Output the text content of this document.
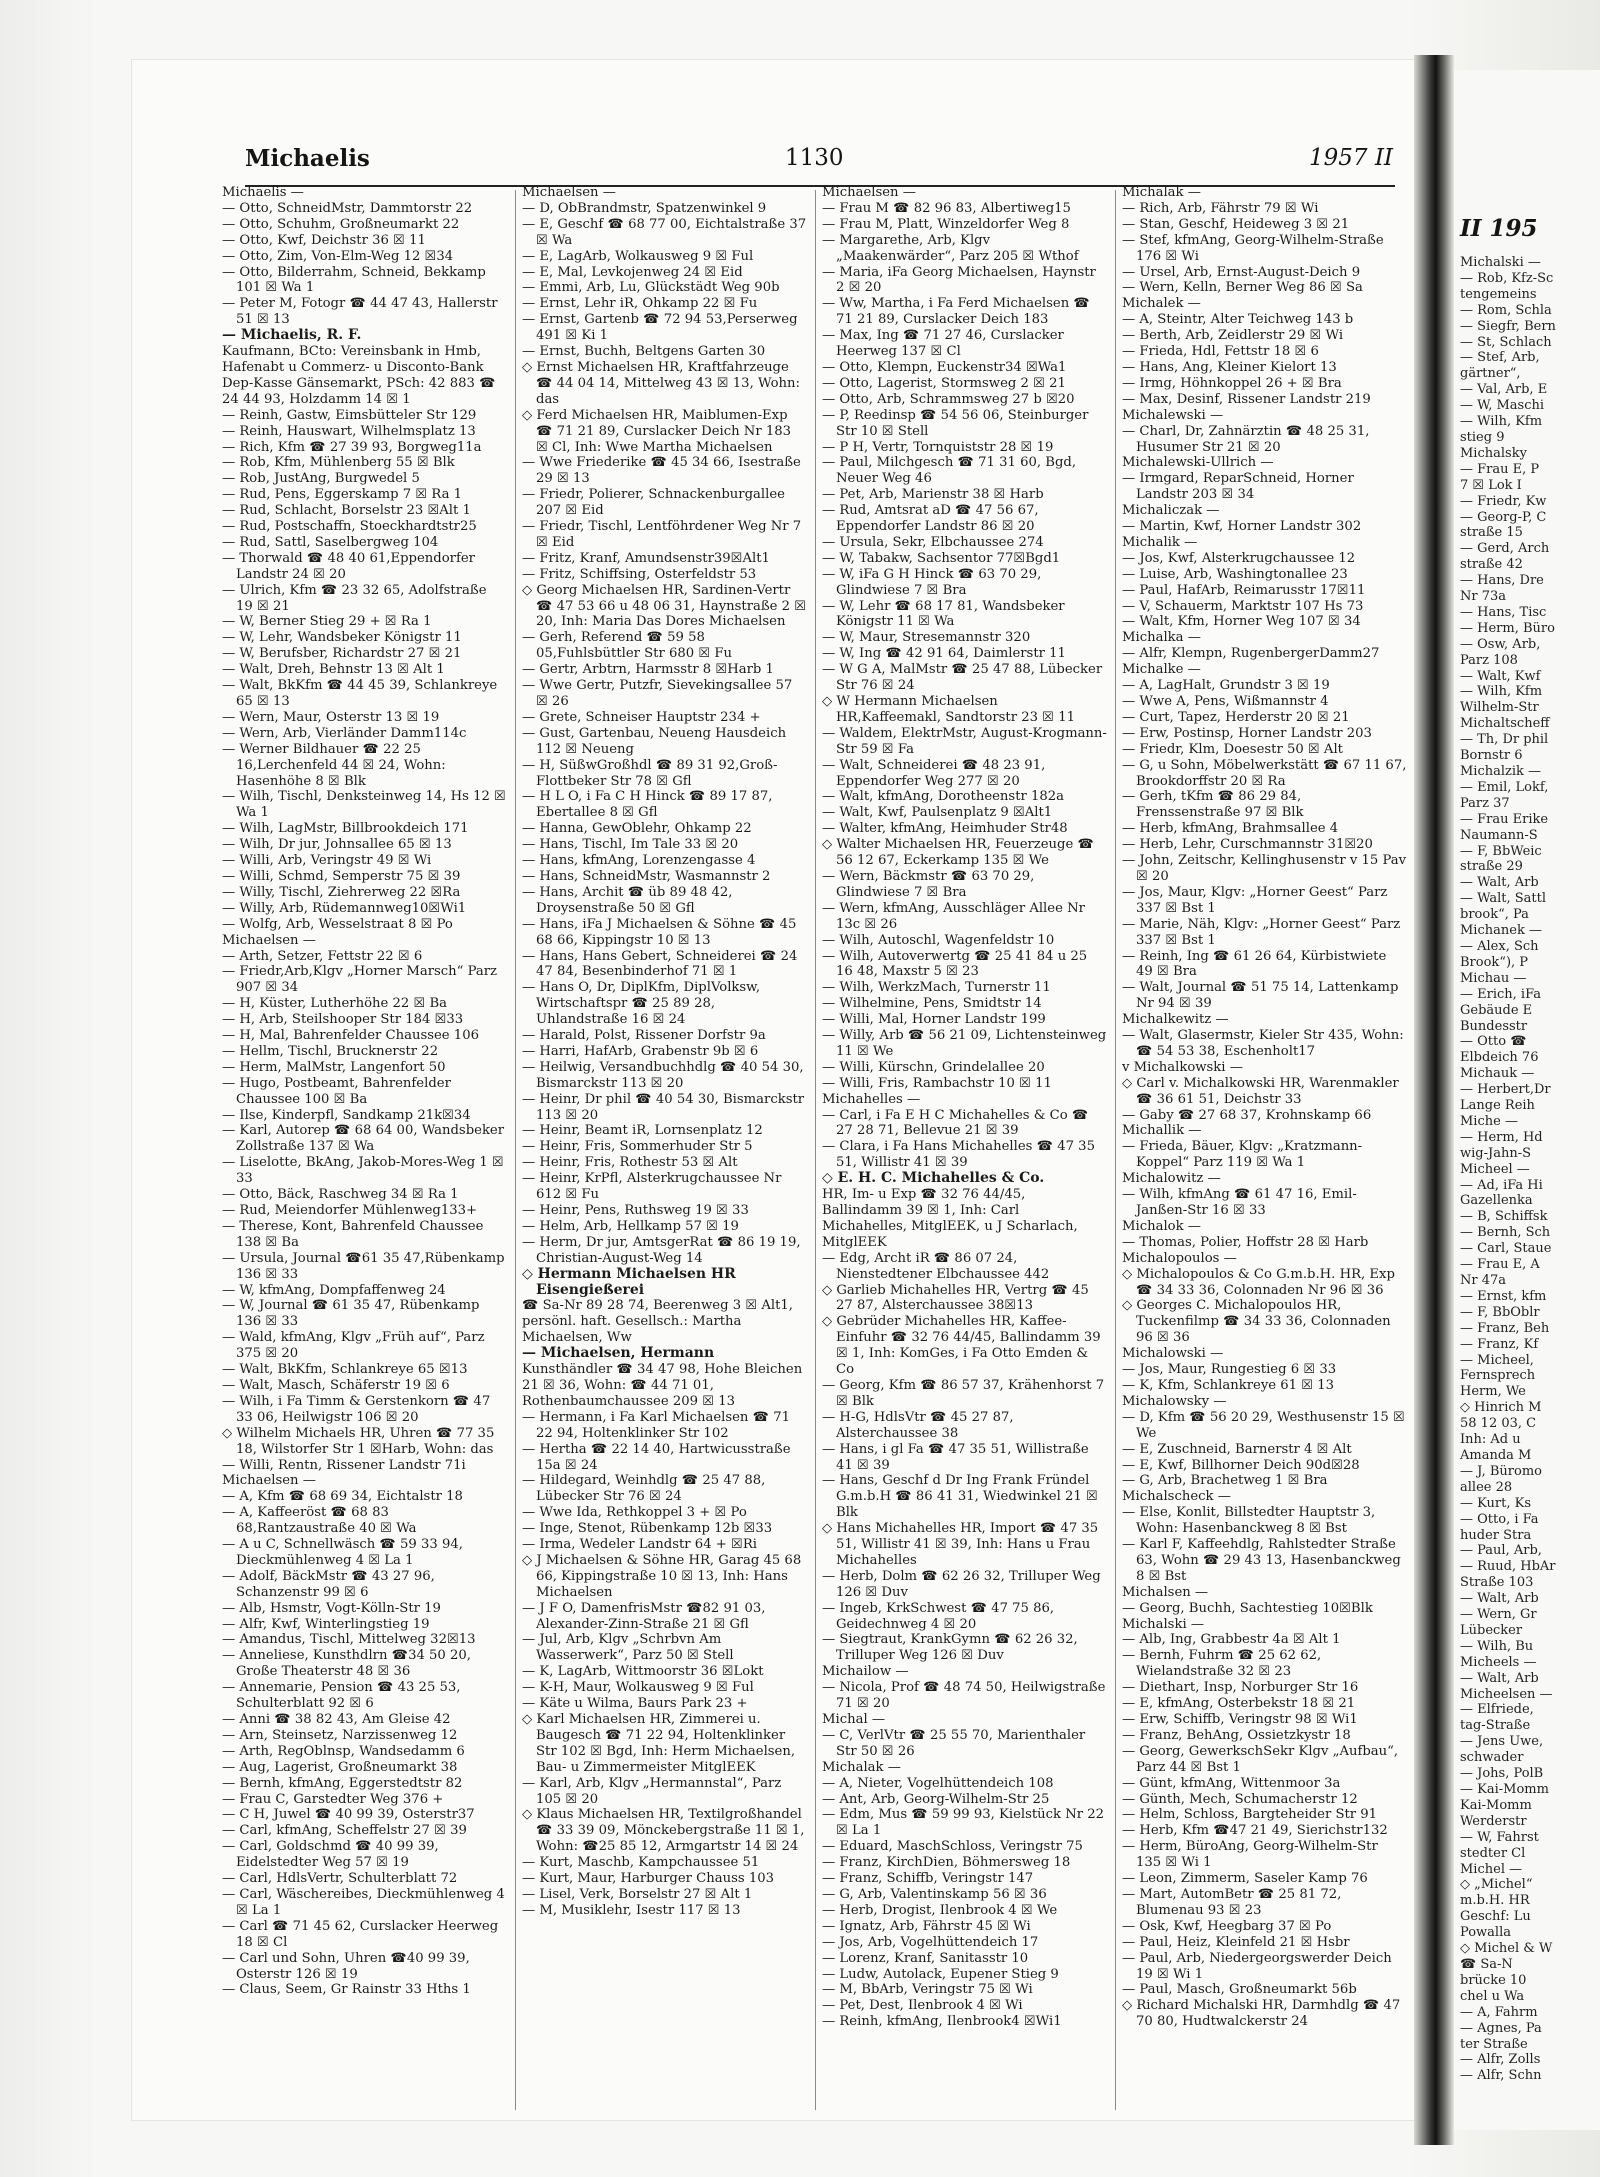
II 195
Michalski —
— Rob, Kfz-Sc
tengemeins
— Rom, Schla
— Siegfr, Bern
— St, Schlach
— Stef, Arb,
gärtner“,
— Val, Arb, E
— W, Maschi
— Wilh, Kfm
stieg 9
Michalsky
— Frau E, P
7 ☒ Lok I
— Friedr, Kw
— Georg-P, C
straße 15
— Gerd, Arch
straße 42
— Hans, Dre
Nr 73a
— Hans, Tisc
— Herm, Büro
— Osw, Arb,
Parz 108
— Walt, Kwf
— Wilh, Kfm
Wilhelm-Str
Michaltscheff
— Th, Dr phil
Bornstr 6
Michalzik —
— Emil, Lokf,
Parz 37
— Frau Erike
Naumann-S
— F, BbWeic
straße 29
— Walt, Arb
— Walt, Sattl
brook“, Pa
Michanek —
— Alex, Sch
Brook“), P
Michau —
— Erich, iFa
Gebäude E
Bundesstr
— Otto ☎
Elbdeich 76
Michauk —
— Herbert,Dr
Lange Reih
Miche —
— Herm, Hd
wig-Jahn-S
Micheel —
— Ad, iFa Hi
Gazellenka
— B, Schiffsk
— Bernh, Sch
— Carl, Staue
— Frau E, A
Nr 47a
— Ernst, kfm
— F, BbOblr
— Franz, Beh
— Franz, Kf
— Micheel,
Fernsprech
Herm, We
◇ Hinrich M
58 12 03, C
Inh: Ad u
Amanda M
— J, Büromo
allee 28
— Kurt, Ks
— Otto, i Fa
huder Stra
— Paul, Arb,
— Ruud, HbAr
Straße 103
— Walt, Arb
— Wern, Gr
Lübecker
— Wilh, Bu
Micheels —
— Walt, Arb
Micheelsen —
— Elfriede,
tag-Straße
— Jens Uwe,
schwader
— Johs, PolB
— Kai-Momm
Kai-Momm
Werderstr
— W, Fahrst
stedter Cl
Michel —
◇ „Michel“
m.b.H. HR
Geschf: Lu
Powalla
◇ Michel & W
☎ Sa-N
brücke 10
chel u Wa
— A, Fahrm
— Agnes, Pa
ter Straße
— Alfr, Zolls
— Alfr, Schn
Michaelis	1130	1957 II

Michaelis —

— Otto, SchneidMstr, Dammtorstr 22

— Otto, Schuhm, Großneumarkt 22

— Otto, Kwf, Deichstr 36 ☒ 11

— Otto, Zim, Von-Elm-Weg 12 ☒34

— Otto, Bilderrahm, Schneid, Bekkamp 101 ☒ Wa 1

— Peter M, Fotogr ☎ 44 47 43, Hallerstr 51 ☒ 13

— Michaelis, R. F.

Kaufmann, BCto: Vereinsbank in Hmb, Hafenabt u Commerz- u Disconto-Bank Dep-Kasse Gänsemarkt, PSch: 42 883 ☎ 24 44 93, Holzdamm 14 ☒ 1

— Reinh, Gastw, Eimsbütteler Str 129

— Reinh, Hauswart, Wilhelmsplatz 13

— Rich, Kfm ☎ 27 39 93, Borgweg11a

— Rob, Kfm, Mühlenberg 55 ☒ Blk

— Rob, JustAng, Burgwedel 5

— Rud, Pens, Eggerskamp 7 ☒ Ra 1

— Rud, Schlacht, Borselstr 23 ☒Alt 1

— Rud, Postschaffn, Stoeckhardtstr25

— Rud, Sattl, Saselbergweg 104

— Thorwald ☎ 48 40 61,Eppendorfer Landstr 24 ☒ 20

— Ulrich, Kfm ☎ 23 32 65, Adolfstraße 19 ☒ 21

— W, Berner Stieg 29 + ☒ Ra 1

— W, Lehr, Wandsbeker Königstr 11

— W, Berufsber, Richardstr 27 ☒ 21

— Walt, Dreh, Behnstr 13 ☒ Alt 1

— Walt, BkKfm ☎ 44 45 39, Schlankreye 65 ☒ 13

— Wern, Maur, Osterstr 13 ☒ 19

— Wern, Arb, Vierländer Damm114c

— Werner Bildhauer ☎ 22 25 16,Lerchenfeld 44 ☒ 24, Wohn: Hasenhöhe 8 ☒ Blk

— Wilh, Tischl, Denksteinweg 14, Hs 12 ☒ Wa 1

— Wilh, LagMstr, Billbrookdeich 171

— Wilh, Dr jur, Johnsallee 65 ☒ 13

— Willi, Arb, Veringstr 49 ☒ Wi

— Willi, Schmd, Semperstr 75 ☒ 39

— Willy, Tischl, Ziehrerweg 22 ☒Ra

— Willy, Arb, Rüdemannweg10☒Wi1

— Wolfg, Arb, Wesselstraat 8 ☒ Po

Michaelsen —

— Arth, Setzer, Fettstr 22 ☒ 6

— Friedr,Arb,Klgv „Horner Marsch“ Parz 907 ☒ 34

— H, Küster, Lutherhöhe 22 ☒ Ba

— H, Arb, Steilshooper Str 184 ☒33

— H, Mal, Bahrenfelder Chaussee 106

— Hellm, Tischl, Brucknerstr 22

— Herm, MalMstr, Langenfort 50

— Hugo, Postbeamt, Bahrenfelder Chaussee 100 ☒ Ba

— Ilse, Kinderpfl, Sandkamp 21k☒34

— Karl, Autorep ☎ 68 64 00, Wandsbeker Zollstraße 137 ☒ Wa

— Liselotte, BkAng, Jakob-Mores-Weg 1 ☒ 33

— Otto, Bäck, Raschweg 34 ☒ Ra 1

— Rud, Meiendorfer Mühlenweg133+

— Therese, Kont, Bahrenfeld Chaussee 138 ☒ Ba

— Ursula, Journal ☎61 35 47,Rübenkamp 136 ☒ 33

— W, kfmAng, Dompfaffenweg 24

— W, Journal ☎ 61 35 47, Rübenkamp 136 ☒ 33

— Wald, kfmAng, Klgv „Früh auf“, Parz 375 ☒ 20

— Walt, BkKfm, Schlankreye 65 ☒13

— Walt, Masch, Schäferstr 19 ☒ 6

— Wilh, i Fa Timm & Gerstenkorn ☎ 47 33 06, Heilwigstr 106 ☒ 20

◇ Wilhelm Michaels HR, Uhren ☎ 77 35 18, Wilstorfer Str 1 ☒Harb, Wohn: das

— Willi, Rentn, Rissener Landstr 71i

Michaelsen —

— A, Kfm ☎ 68 69 34, Eichtalstr 18

— A, Kaffeeröst ☎ 68 83 68,Rantzaustraße 40 ☒ Wa

— A u C, Schnellwäsch ☎ 59 33 94, Dieckmühlenweg 4 ☒ La 1

— Adolf, BäckMstr ☎ 43 27 96, Schanzenstr 99 ☒ 6

— Alb, Hsmstr, Vogt-Kölln-Str 19

— Alfr, Kwf, Winterlingstieg 19

— Amandus, Tischl, Mittelweg 32☒13

— Anneliese, Kunsthdlrn ☎34 50 20, Große Theaterstr 48 ☒ 36

— Annemarie, Pension ☎ 43 25 53, Schulterblatt 92 ☒ 6

— Anni ☎ 38 82 43, Am Gleise 42

— Arn, Steinsetz, Narzissenweg 12

— Arth, RegOblnsp, Wandsedamm 6

— Aug, Lagerist, Großneumarkt 38

— Bernh, kfmAng, Eggerstedtstr 82

— Frau C, Garstedter Weg 376 +

— C H, Juwel ☎ 40 99 39, Osterstr37

— Carl, kfmAng, Scheffelstr 27 ☒ 39

— Carl, Goldschmd ☎ 40 99 39, Eidelstedter Weg 57 ☒ 19

— Carl, HdlsVertr, Schulterblatt 72

— Carl, Wäschereibes, Dieckmühlenweg 4 ☒ La 1

— Carl ☎ 71 45 62, Curslacker Heerweg 18 ☒ Cl

— Carl und Sohn, Uhren ☎40 99 39, Osterstr 126 ☒ 19

— Claus, Seem, Gr Rainstr 33 Hths 1

Michaelsen —

— D, ObBrandmstr, Spatzenwinkel 9

— E, Geschf ☎ 68 77 00, Eichtalstraße 37 ☒ Wa

— E, LagArb, Wolkausweg 9 ☒ Ful

— E, Mal, Levkojenweg 24 ☒ Eid

— Emmi, Arb, Lu, Glückstädt Weg 90b

— Ernst, Lehr iR, Ohkamp 22 ☒ Fu

— Ernst, Gartenb ☎ 72 94 53,Perserweg 491 ☒ Ki 1

— Ernst, Buchh, Beltgens Garten 30

◇ Ernst Michaelsen HR, Kraftfahrzeuge ☎ 44 04 14, Mittelweg 43 ☒ 13, Wohn: das

◇ Ferd Michaelsen HR, Maiblumen-Exp ☎ 71 21 89, Curslacker Deich Nr 183 ☒ Cl, Inh: Wwe Martha Michaelsen

— Wwe Friederike ☎ 45 34 66, Isestraße 29 ☒ 13

— Friedr, Polierer, Schnackenburgallee 207 ☒ Eid

— Friedr, Tischl, Lentföhrdener Weg Nr 7 ☒ Eid

— Fritz, Kranf, Amundsenstr39☒Alt1

— Fritz, Schiffsing, Osterfeldstr 53

◇ Georg Michaelsen HR, Sardinen-Vertr ☎ 47 53 66 u 48 06 31, Haynstraße 2 ☒ 20, Inh: Maria Das Dores Michaelsen

— Gerh, Referend ☎ 59 58 05,Fuhlsbüttler Str 680 ☒ Fu

— Gertr, Arbtrn, Harmsstr 8 ☒Harb 1

— Wwe Gertr, Putzfr, Sievekingsallee 57 ☒ 26

— Grete, Schneiser Hauptstr 234 +

— Gust, Gartenbau, Neueng Hausdeich 112 ☒ Neueng

— H, SüßwGroßhdl ☎ 89 31 92,Groß-Flottbeker Str 78 ☒ Gfl

— H L O, i Fa C H Hinck ☎ 89 17 87, Ebertallee 8 ☒ Gfl

— Hanna, GewOblehr, Ohkamp 22

— Hans, Tischl, Im Tale 33 ☒ 20

— Hans, kfmAng, Lorenzengasse 4

— Hans, SchneidMstr, Wasmannstr 2

— Hans, Archit ☎ üb 89 48 42, Droysenstraße 50 ☒ Gfl

— Hans, iFa J Michaelsen & Söhne ☎ 45 68 66, Kippingstr 10 ☒ 13

— Hans, Hans Gebert, Schneiderei ☎ 24 47 84, Besenbinderhof 71 ☒ 1

— Hans O, Dr, DiplKfm, DiplVolksw, Wirtschaftspr ☎ 25 89 28, Uhlandstraße 16 ☒ 24

— Harald, Polst, Rissener Dorfstr 9a

— Harri, HafArb, Grabenstr 9b ☒ 6

— Heilwig, Versandbuchhdlg ☎ 40 54 30, Bismarckstr 113 ☒ 20

— Heinr, Dr phil ☎ 40 54 30, Bismarckstr 113 ☒ 20

— Heinr, Beamt iR, Lornsenplatz 12

— Heinr, Fris, Sommerhuder Str 5

— Heinr, Fris, Rothestr 53 ☒ Alt

— Heinr, KrPfl, Alsterkrugchaussee Nr 612 ☒ Fu

— Heinr, Pens, Ruthsweg 19 ☒ 33

— Helm, Arb, Hellkamp 57 ☒ 19

— Herm, Dr jur, AmtsgerRat ☎ 86 19 19, Christian-August-Weg 14

◇ Hermann Michaelsen HR Eisengießerei

☎ Sa-Nr 89 28 74, Beerenweg 3 ☒ Alt1, persönl. haft. Gesellsch.: Martha Michaelsen, Ww

— Michaelsen, Hermann

Kunsthändler ☎ 34 47 98, Hohe Bleichen 21 ☒ 36, Wohn: ☎ 44 71 01, Rothenbaumchaussee 209 ☒ 13

— Hermann, i Fa Karl Michaelsen ☎ 71 22 94, Holtenklinker Str 102

— Hertha ☎ 22 14 40, Hartwicusstraße 15a ☒ 24

— Hildegard, Weinhdlg ☎ 25 47 88, Lübecker Str 76 ☒ 24

— Wwe Ida, Rethkoppel 3 + ☒ Po

— Inge, Stenot, Rübenkamp 12b ☒33

— Irma, Wedeler Landstr 64 + ☒Ri

◇ J Michaelsen & Söhne HR, Garag 45 68 66, Kippingstraße 10 ☒ 13, Inh: Hans Michaelsen

— J F O, DamenfrisMstr ☎82 91 03, Alexander-Zinn-Straße 21 ☒ Gfl

— Jul, Arb, Klgv „Schrbvn Am Wasserwerk“, Parz 50 ☒ Stell

— K, LagArb, Wittmoorstr 36 ☒Lokt

— K-H, Maur, Wolkausweg 9 ☒ Ful

— Käte u Wilma, Baurs Park 23 +

◇ Karl Michaelsen HR, Zimmerei u. Baugesch ☎ 71 22 94, Holtenklinker Str 102 ☒ Bgd, Inh: Herm Michaelsen, Bau- u Zimmermeister MitglEEK

— Karl, Arb, Klgv „Hermannstal“, Parz 105 ☒ 20

◇ Klaus Michaelsen HR, Textilgroßhandel ☎ 33 39 09, Mönckebergstraße 11 ☒ 1, Wohn: ☎25 85 12, Armgartstr 14 ☒ 24

— Kurt, Maschb, Kampchaussee 51

— Kurt, Maur, Harburger Chauss 103

— Lisel, Verk, Borselstr 27 ☒ Alt 1

— M, Musiklehr, Isestr 117 ☒ 13

Michaelsen —

— Frau M ☎ 82 96 83, Albertiweg15

— Frau M, Platt, Winzeldorfer Weg 8

— Margarethe, Arb, Klgv „Maakenwärder“, Parz 205 ☒ Wthof

— Maria, iFa Georg Michaelsen, Haynstr 2 ☒ 20

— Ww, Martha, i Fa Ferd Michaelsen ☎ 71 21 89, Curslacker Deich 183

— Max, Ing ☎ 71 27 46, Curslacker Heerweg 137 ☒ Cl

— Otto, Klempn, Euckenstr34 ☒Wa1

— Otto, Lagerist, Stormsweg 2 ☒ 21

— Otto, Arb, Schrammsweg 27 b ☒20

— P, Reedinsp ☎ 54 56 06, Steinburger Str 10 ☒ Stell

— P H, Vertr, Tornquiststr 28 ☒ 19

— Paul, Milchgesch ☎ 71 31 60, Bgd, Neuer Weg 46

— Pet, Arb, Marienstr 38 ☒ Harb

— Rud, Amtsrat aD ☎ 47 56 67, Eppendorfer Landstr 86 ☒ 20

— Ursula, Sekr, Elbchaussee 274

— W, Tabakw, Sachsentor 77☒Bgd1

— W, iFa G H Hinck ☎ 63 70 29, Glindwiese 7 ☒ Bra

— W, Lehr ☎ 68 17 81, Wandsbeker Königstr 11 ☒ Wa

— W, Maur, Stresemannstr 320

— W, Ing ☎ 42 91 64, Daimlerstr 11

— W G A, MalMstr ☎ 25 47 88, Lübecker Str 76 ☒ 24

◇ W Hermann Michaelsen HR,Kaffeemakl, Sandtorstr 23 ☒ 11

— Waldem, ElektrMstr, August-Krogmann-Str 59 ☒ Fa

— Walt, Schneiderei ☎ 48 23 91, Eppendorfer Weg 277 ☒ 20

— Walt, kfmAng, Dorotheenstr 182a

— Walt, Kwf, Paulsenplatz 9 ☒Alt1

— Walter, kfmAng, Heimhuder Str48

◇ Walter Michaelsen HR, Feuerzeuge ☎ 56 12 67, Eckerkamp 135 ☒ We

— Wern, Bäckmstr ☎ 63 70 29, Glindwiese 7 ☒ Bra

— Wern, kfmAng, Ausschläger Allee Nr 13c ☒ 26

— Wilh, Autoschl, Wagenfeldstr 10

— Wilh, Autoverwertg ☎ 25 41 84 u 25 16 48, Maxstr 5 ☒ 23

— Wilh, WerkzMach, Turnerstr 11

— Wilhelmine, Pens, Smidtstr 14

— Willi, Mal, Horner Landstr 199

— Willy, Arb ☎ 56 21 09, Lichtensteinweg 11 ☒ We

— Willi, Kürschn, Grindelallee 20

— Willi, Fris, Rambachstr 10 ☒ 11

Michahelles —

— Carl, i Fa E H C Michahelles & Co ☎ 27 28 71, Bellevue 21 ☒ 39

— Clara, i Fa Hans Michahelles ☎ 47 35 51, Willistr 41 ☒ 39

◇ E. H. C. Michahelles & Co.

HR, Im- u Exp ☎ 32 76 44/45, Ballindamm 39 ☒ 1, Inh: Carl Michahelles, MitglEEK, u J Scharlach, MitglEEK

— Edg, Archt iR ☎ 86 07 24, Nienstedtener Elbchaussee 442

◇ Garlieb Michahelles HR, Vertrg ☎ 45 27 87, Alsterchaussee 38☒13

◇ Gebrüder Michahelles HR, Kaffee-Einfuhr ☎ 32 76 44/45, Ballindamm 39 ☒ 1, Inh: KomGes, i Fa Otto Emden & Co

— Georg, Kfm ☎ 86 57 37, Krähenhorst 7 ☒ Blk

— H-G, HdlsVtr ☎ 45 27 87, Alsterchaussee 38

— Hans, i gl Fa ☎ 47 35 51, Willistraße 41 ☒ 39

— Hans, Geschf d Dr Ing Frank Fründel G.m.b.H ☎ 86 41 31, Wiedwinkel 21 ☒ Blk

◇ Hans Michahelles HR, Import ☎ 47 35 51, Willistr 41 ☒ 39, Inh: Hans u Frau Michahelles

— Herb, Dolm ☎ 62 26 32, Trilluper Weg 126 ☒ Duv

— Ingeb, KrkSchwest ☎ 47 75 86, Geidechnweg 4 ☒ 20

— Siegtraut, KrankGymn ☎ 62 26 32, Trilluper Weg 126 ☒ Duv

Michailow —

— Nicola, Prof ☎ 48 74 50, Heilwigstraße 71 ☒ 20

Michal —

— C, VerlVtr ☎ 25 55 70, Marienthaler Str 50 ☒ 26

Michalak —

— A, Nieter, Vogelhüttendeich 108

— Ant, Arb, Georg-Wilhelm-Str 25

— Edm, Mus ☎ 59 99 93, Kielstück Nr 22 ☒ La 1

— Eduard, MaschSchloss, Veringstr 75

— Franz, KirchDien, Böhmersweg 18

— Franz, Schiffb, Veringstr 147

— G, Arb, Valentinskamp 56 ☒ 36

— Herb, Drogist, Ilenbrook 4 ☒ We

— Ignatz, Arb, Fährstr 45 ☒ Wi

— Jos, Arb, Vogelhüttendeich 17

— Lorenz, Kranf, Sanitasstr 10

— Ludw, Autolack, Eupener Stieg 9

— M, BbArb, Veringstr 75 ☒ Wi

— Pet, Dest, Ilenbrook 4 ☒ Wi

— Reinh, kfmAng, Ilenbrook4 ☒Wi1

Michalak —

— Rich, Arb, Fährstr 79 ☒ Wi

— Stan, Geschf, Heideweg 3 ☒ 21

— Stef, kfmAng, Georg-Wilhelm-Straße 176 ☒ Wi

— Ursel, Arb, Ernst-August-Deich 9

— Wern, Kelln, Berner Weg 86 ☒ Sa

Michalek —

— A, Steintr, Alter Teichweg 143 b

— Berth, Arb, Zeidlerstr 29 ☒ Wi

— Frieda, Hdl, Fettstr 18 ☒ 6

— Hans, Ang, Kleiner Kielort 13

— Irmg, Höhnkoppel 26 + ☒ Bra

— Max, Desinf, Rissener Landstr 219

Michalewski —

— Charl, Dr, Zahnärztin ☎ 48 25 31, Husumer Str 21 ☒ 20

Michalewski-Ullrich —

— Irmgard, ReparSchneid, Horner Landstr 203 ☒ 34

Michaliczak —

— Martin, Kwf, Horner Landstr 302

Michalik —

— Jos, Kwf, Alsterkrugchaussee 12

— Luise, Arb, Washingtonallee 23

— Paul, HafArb, Reimarusstr 17☒11

— V, Schauerm, Marktstr 107 Hs 73

— Walt, Kfm, Horner Weg 107 ☒ 34

Michalka —

— Alfr, Klempn, RugenbergerDamm27

Michalke —

— A, LagHalt, Grundstr 3 ☒ 19

— Wwe A, Pens, Wißmannstr 4

— Curt, Tapez, Herderstr 20 ☒ 21

— Erw, Postinsp, Horner Landstr 203

— Friedr, Klm, Doesestr 50 ☒ Alt

— G, u Sohn, Möbelwerkstätt ☎ 67 11 67, Brookdorffstr 20 ☒ Ra

— Gerh, tKfm ☎ 86 29 84, Frenssenstraße 97 ☒ Blk

— Herb, kfmAng, Brahmsallee 4

— Herb, Lehr, Curschmannstr 31☒20

— John, Zeitschr, Kellinghusenstr v 15 Pav ☒ 20

— Jos, Maur, Klgv: „Horner Geest“ Parz 337 ☒ Bst 1

— Marie, Näh, Klgv: „Horner Geest“ Parz 337 ☒ Bst 1

— Reinh, Ing ☎ 61 26 64, Kürbistwiete 49 ☒ Bra

— Walt, Journal ☎ 51 75 14, Lattenkamp Nr 94 ☒ 39

Michalkewitz —

— Walt, Glasermstr, Kieler Str 435, Wohn: ☎ 54 53 38, Eschenholt17

v Michalkowski —

◇ Carl v. Michalkowski HR, Warenmakler ☎ 36 61 51, Deichstr 33

— Gaby ☎ 27 68 37, Krohnskamp 66

Michallik —

— Frieda, Bäuer, Klgv: „Kratzmann-Koppel“ Parz 119 ☒ Wa 1

Michalowitz —

— Wilh, kfmAng ☎ 61 47 16, Emil-Janßen-Str 16 ☒ 33

Michalok —

— Thomas, Polier, Hoffstr 28 ☒ Harb

Michalopoulos —

◇ Michalopoulos & Co G.m.b.H. HR, Exp ☎ 34 33 36, Colonnaden Nr 96 ☒ 36

◇ Georges C. Michalopoulos HR, Tuckenfilmp ☎ 34 33 36, Colonnaden 96 ☒ 36

Michalowski —

— Jos, Maur, Rungestieg 6 ☒ 33

— K, Kfm, Schlankreye 61 ☒ 13

Michalowsky —

— D, Kfm ☎ 56 20 29, Westhusenstr 15 ☒ We

— E, Zuschneid, Barnerstr 4 ☒ Alt

— E, Kwf, Billhorner Deich 90d☒28

— G, Arb, Brachetweg 1 ☒ Bra

Michalscheck —

— Else, Konlit, Billstedter Hauptstr 3, Wohn: Hasenbanckweg 8 ☒ Bst

— Karl F, Kaffeehdlg, Rahlstedter Straße 63, Wohn ☎ 29 43 13, Hasenbanckweg 8 ☒ Bst

Michalsen —

— Georg, Buchh, Sachtestieg 10☒Blk

Michalski —

— Alb, Ing, Grabbestr 4a ☒ Alt 1

— Bernh, Fuhrm ☎ 25 62 62, Wielandstraße 32 ☒ 23

— Diethart, Insp, Norburger Str 16

— E, kfmAng, Osterbekstr 18 ☒ 21

— Erw, Schiffb, Veringstr 98 ☒ Wi1

— Franz, BehAng, Ossietzkystr 18

— Georg, GewerkschSekr Klgv „Aufbau“, Parz 44 ☒ Bst 1

— Günt, kfmAng, Wittenmoor 3a

— Günth, Mech, Schumacherstr 12

— Helm, Schloss, Bargteheider Str 91

— Herb, Kfm ☎47 21 49, Sierichstr132

— Herm, BüroAng, Georg-Wilhelm-Str 135 ☒ Wi 1

— Leon, Zimmerm, Saseler Kamp 76

— Mart, AutomBetr ☎ 25 81 72, Blumenau 93 ☒ 23

— Osk, Kwf, Heegbarg 37 ☒ Po

— Paul, Heiz, Kleinfeld 21 ☒ Hsbr

— Paul, Arb, Niedergeorgswerder Deich 19 ☒ Wi 1

— Paul, Masch, Großneumarkt 56b

◇ Richard Michalski HR, Darmhdlg ☎ 47 70 80, Hudtwalckerstr 24
